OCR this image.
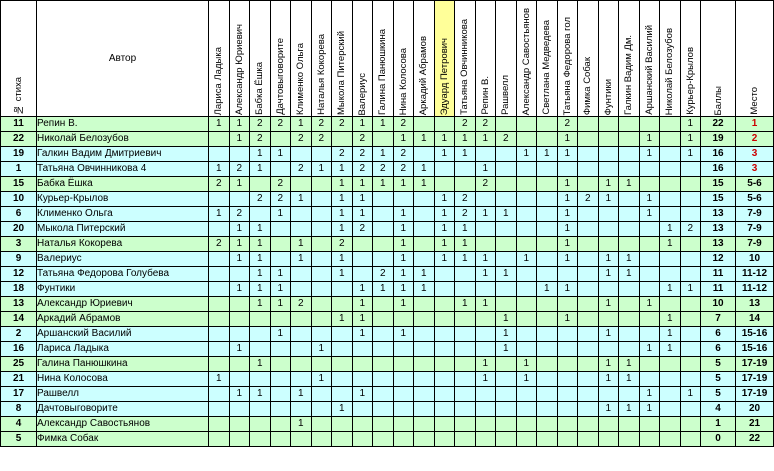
№ стиха	Автор	Лариса Ладыка	Александр Юриевич	Бабка Ёшка	Дачтовыговорите	Клименко Ольга	Наталья Кокорева	Мыкола Питерский	Валериус	Галина Панюшкина	Нина Колосова	Аркадий Абрамов	Эдуард Петрович	Татьяна Овчинникова	Репин В.	Рашвелл	Александр Савостьянов	Светлана Медведева	Татьяна Федорова гол	Фимка Собак	Фунтики	Галкин Вадим Дм.	Аршанский Василий	Николай Белозубов	Курьер-Крылов	Баллы	Место

11	Репин В.	1	1	2	2	1	2	2	1	1	2			2	2				2						1	22	1
22	Николай Белозубов		1	2		2	2		2		1	1	1	1	1	2			1				1		1	19	2
19	Галкин Вадим Дмитриевич			1	1			2	2	1	2		1	1			1	1	1				1		1	16	3
1	Татьяна Овчинникова 4	1	2	1		2	1	1	2	2	2	1			1											16	3
15	Бабка Ёшка	2	1		2			1	1	1	1	1			2				1		1	1				15	5-6
10	Курьер-Крылов			2	2	1		1	1				1	2					1	2	1		1			15	5-6
6	Клименко Ольга	1	2		1			1	1		1		1	2	1	1			1				1			13	7-9
20	Мыкола Питерский		1	1				1	2		1		1	1					1					1	2	13	7-9
3	Наталья Кокорева	2	1	1		1		2			1		1	1					1					1		13	7-9
9	Валериус		1	1		1		1			1		1	1	1		1		1		1	1				12	10
12	Татьяна Федорова Голубева			1	1			1		2	1	1			1	1					1	1				11	11-12
18	Фунтики		1	1	1				1	1	1	1						1	1					1	1	11	11-12
13	Александр Юриевич			1	1	2			1		1			1	1						1		1			10	13
14	Аркадий Абрамов							1	1							1			1					1		7	14
2	Аршанский Василий				1				1		1					1					1			1		6	15-16
16	Лариса Ладыка		1				1									1							1	1		6	15-16
25	Галина Панюшкина			1											1		1				1	1				5	17-19
21	Нина Колосова	1					1								1		1				1	1				5	17-19
17	Рашвелл		1	1		1			1														1		1	5	17-19
8	Дачтовыговорите							1													1	1	1			4	20
4	Александр Савостьянов					1																				1	21
5	Фимка Собак																									0	22
